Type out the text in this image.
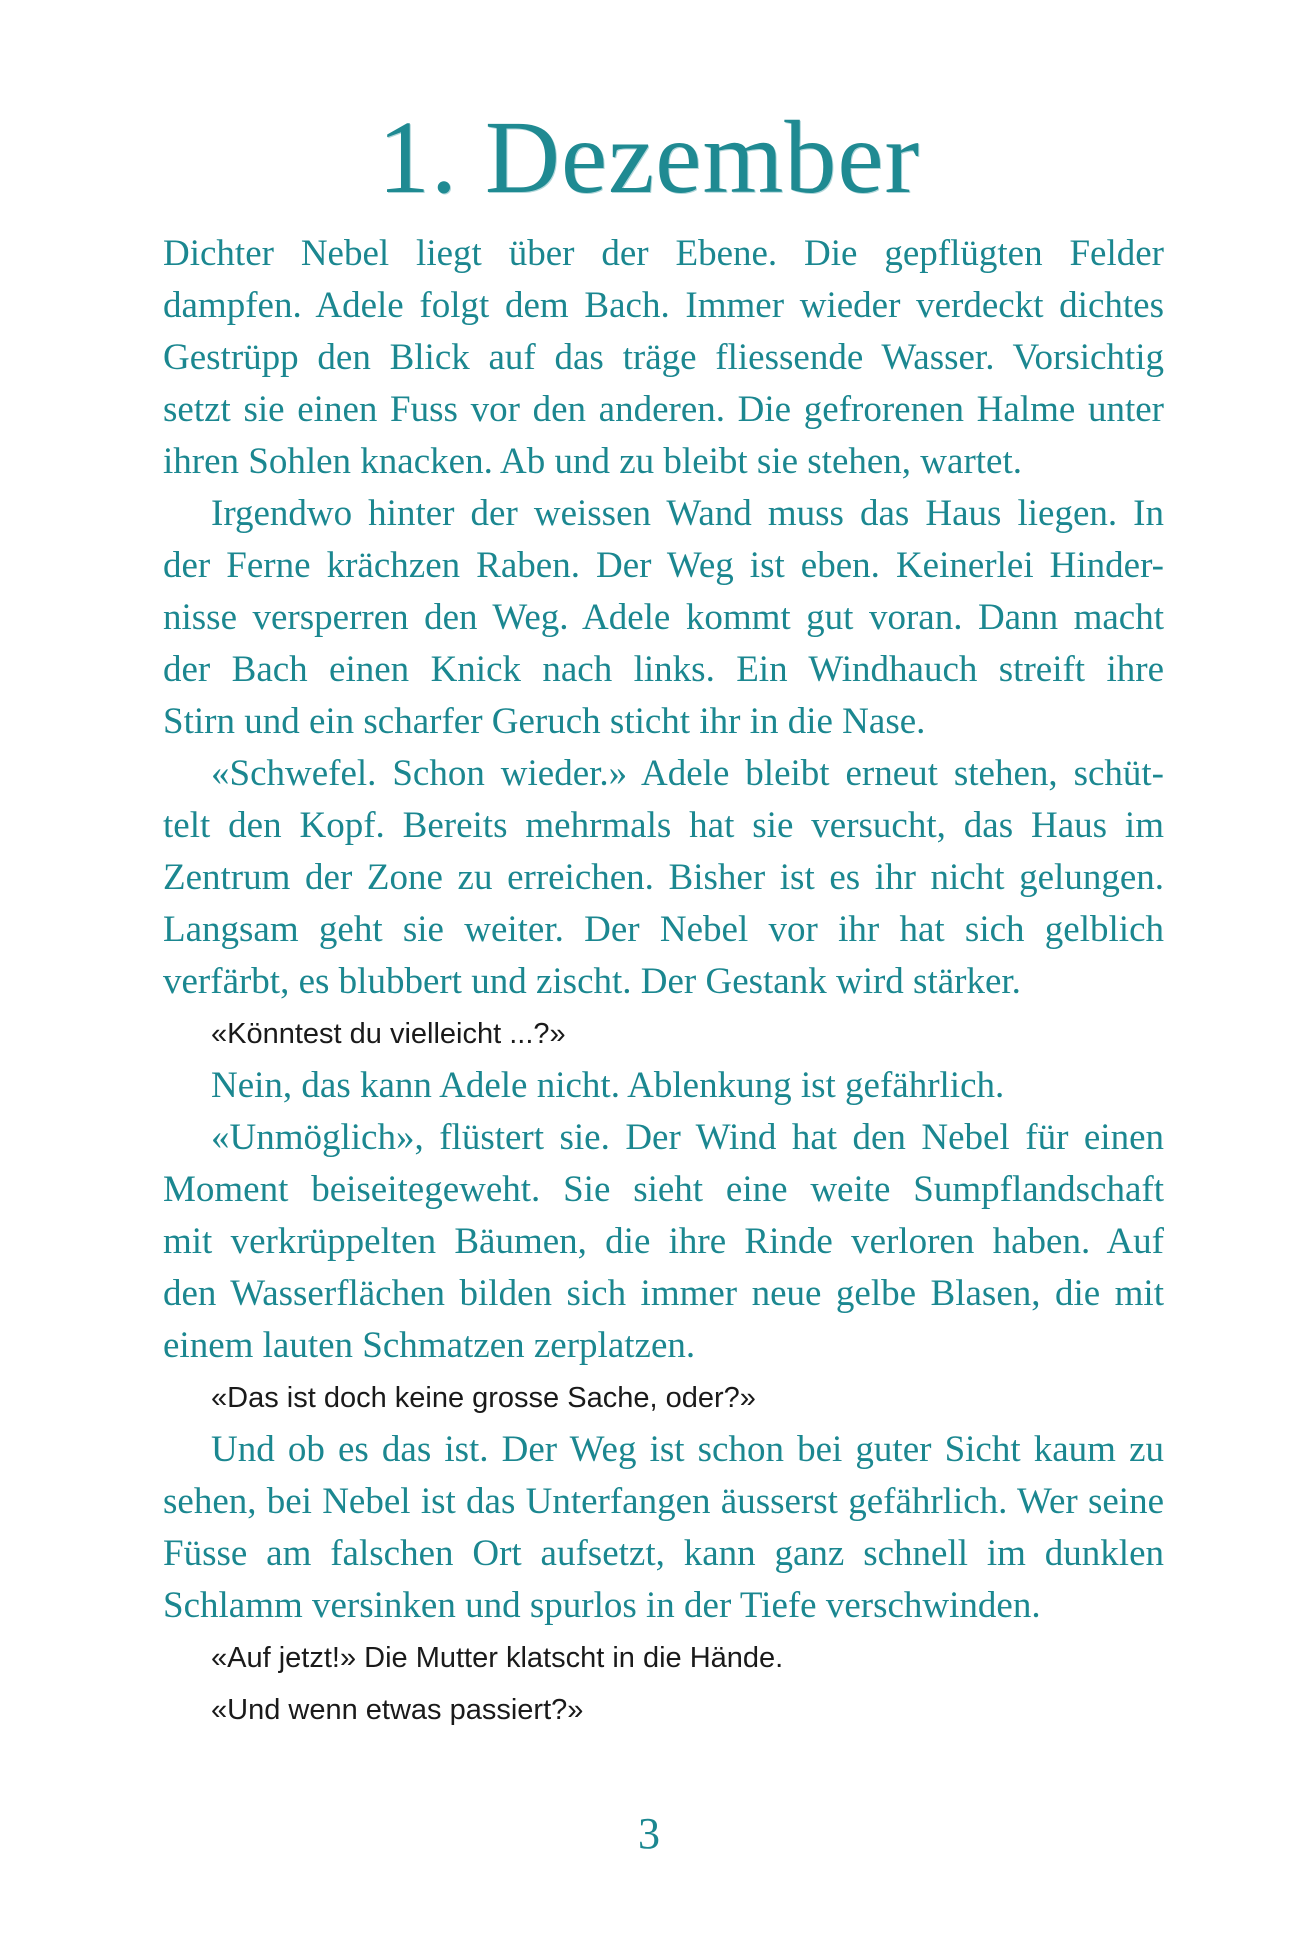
1. Dezember
Dichter Nebel liegt über der Ebene. Die gepflügten Felder
dampfen. Adele folgt dem Bach. Immer wieder verdeckt dichtes
Gestrüpp den Blick auf das träge fliessende Wasser. Vorsichtig
setzt sie einen Fuss vor den anderen. Die gefrorenen Halme unter
ihren Sohlen knacken. Ab und zu bleibt sie stehen, wartet.
Irgendwo hinter der weissen Wand muss das Haus liegen. In
der Ferne krächzen Raben. Der Weg ist eben. Keinerlei Hinder-
nisse versperren den Weg. Adele kommt gut voran. Dann macht
der Bach einen Knick nach links. Ein Windhauch streift ihre
Stirn und ein scharfer Geruch sticht ihr in die Nase.
«Schwefel. Schon wieder.» Adele bleibt erneut stehen, schüt-
telt den Kopf. Bereits mehrmals hat sie versucht, das Haus im
Zentrum der Zone zu erreichen. Bisher ist es ihr nicht gelungen.
Langsam geht sie weiter. Der Nebel vor ihr hat sich gelblich
verfärbt, es blubbert und zischt. Der Gestank wird stärker.
«Könntest du vielleicht ...?»
Nein, das kann Adele nicht. Ablenkung ist gefährlich.
«Unmöglich», flüstert sie. Der Wind hat den Nebel für einen
Moment beiseitegeweht. Sie sieht eine weite Sumpflandschaft
mit verkrüppelten Bäumen, die ihre Rinde verloren haben. Auf
den Wasserflächen bilden sich immer neue gelbe Blasen, die mit
einem lauten Schmatzen zerplatzen.
«Das ist doch keine grosse Sache, oder?»
Und ob es das ist. Der Weg ist schon bei guter Sicht kaum zu
sehen, bei Nebel ist das Unterfangen äusserst gefährlich. Wer seine
Füsse am falschen Ort aufsetzt, kann ganz schnell im dunklen
Schlamm versinken und spurlos in der Tiefe verschwinden.
«Auf jetzt!» Die Mutter klatscht in die Hände.
«Und wenn etwas passiert?»
3
